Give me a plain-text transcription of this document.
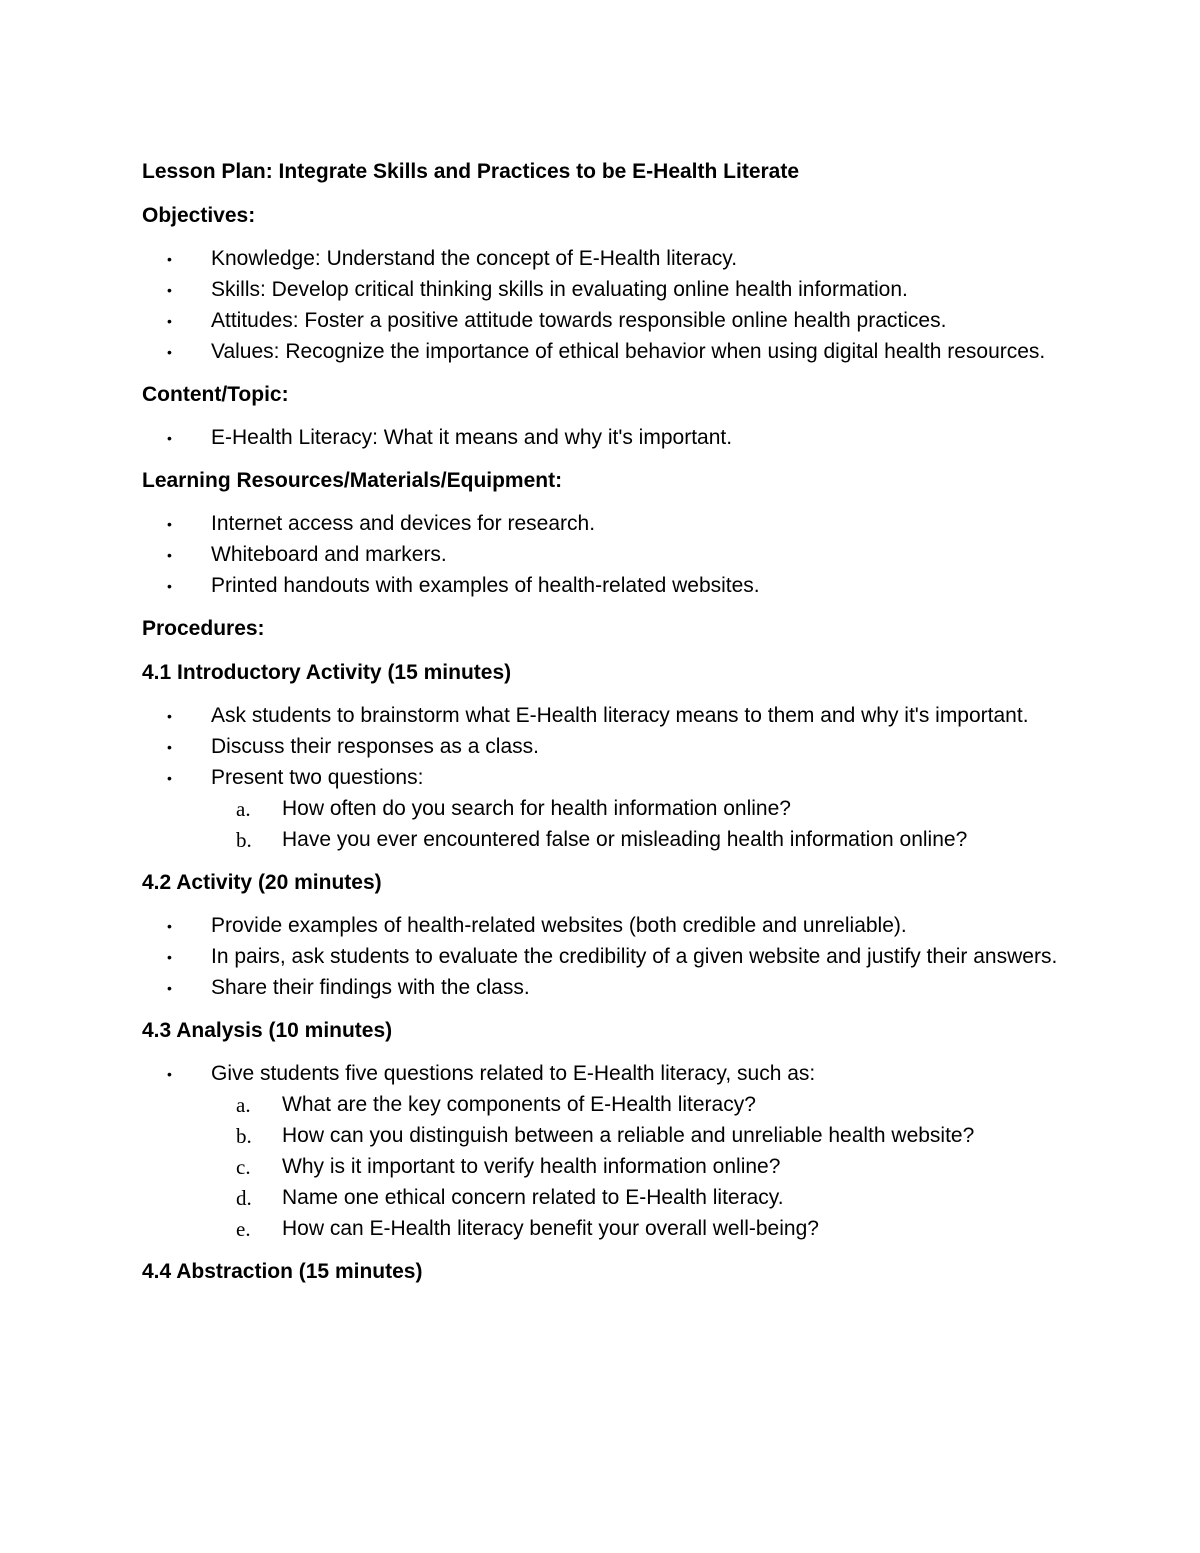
Lesson Plan: Integrate Skills and Practices to be E-Health Literate
Objectives:
• Knowledge: Understand the concept of E-Health literacy.
• Skills: Develop critical thinking skills in evaluating online health information.
• Attitudes: Foster a positive attitude towards responsible online health practices.
• Values: Recognize the importance of ethical behavior when using digital health resources.
Content/Topic:
• E-Health Literacy: What it means and why it's important.
Learning Resources/Materials/Equipment:
• Internet access and devices for research.
• Whiteboard and markers.
• Printed handouts with examples of health-related websites.
Procedures:
4.1 Introductory Activity (15 minutes)
• Ask students to brainstorm what E-Health literacy means to them and why it's important.
• Discuss their responses as a class.
• Present two questions:
a. How often do you search for health information online?
b. Have you ever encountered false or misleading health information online?
4.2 Activity (20 minutes)
• Provide examples of health-related websites (both credible and unreliable).
• In pairs, ask students to evaluate the credibility of a given website and justify their answers.
• Share their findings with the class.
4.3 Analysis (10 minutes)
• Give students five questions related to E-Health literacy, such as:
a. What are the key components of E-Health literacy?
b. How can you distinguish between a reliable and unreliable health website?
c. Why is it important to verify health information online?
d. Name one ethical concern related to E-Health literacy.
e. How can E-Health literacy benefit your overall well-being?
4.4 Abstraction (15 minutes)
